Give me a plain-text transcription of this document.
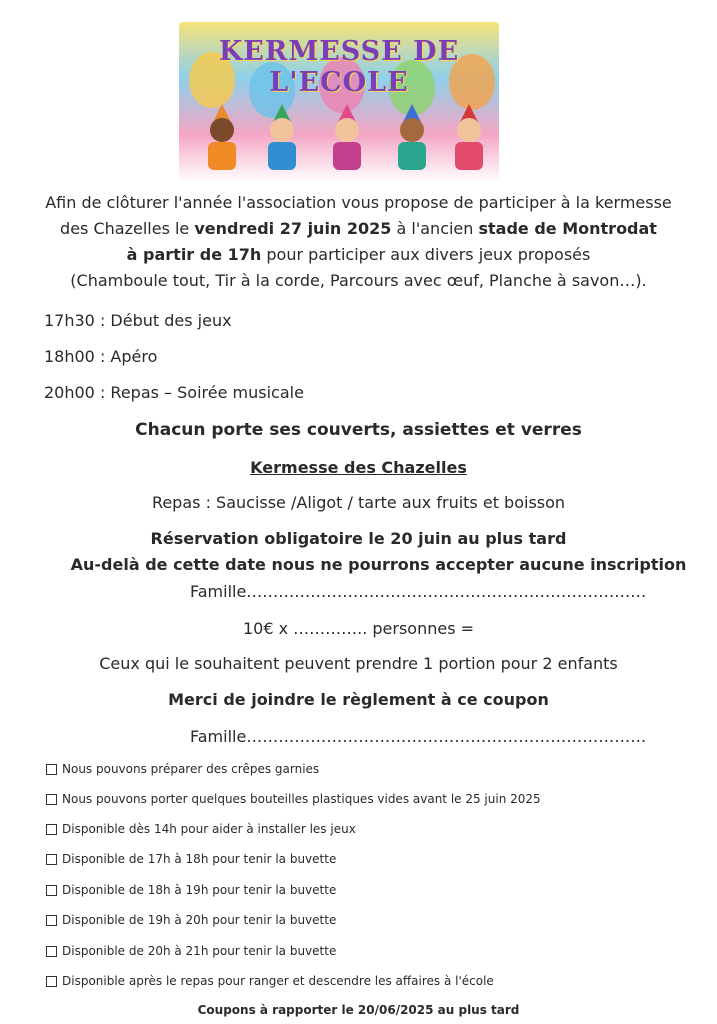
KERMESSE DE L'ECOLE

Afin de clôturer l'année l'association vous propose de participer à la kermesse

des Chazelles le vendredi 27 juin 2025 à l'ancien stade de Montrodat

à partir de 17h pour participer aux divers jeux proposés

(Chamboule tout, Tir à la corde, Parcours avec œuf, Planche à savon…).

17h30 : Début des jeux

18h00 : Apéro

20h00 : Repas – Soirée musicale

Chacun porte ses couverts, assiettes et verres

Kermesse des Chazelles

Repas : Saucisse /Aligot / tarte aux fruits et boisson

Réservation obligatoire le 20 juin au plus tard

Au-delà de cette date nous ne pourrons accepter aucune inscription

Famille…………………………………………………………………

10€ x ………….. personnes =

Ceux qui le souhaitent peuvent prendre 1 portion pour 2 enfants

Merci de joindre le règlement à ce coupon

Famille…………………………………………………………………

Nous pouvons préparer des crêpes garnies
Nous pouvons porter quelques bouteilles plastiques vides avant le 25 juin 2025
Disponible dès 14h pour aider à installer les jeux
Disponible de 17h à 18h pour tenir la buvette
Disponible de 18h à 19h pour tenir la buvette
Disponible de 19h à 20h pour tenir la buvette
Disponible de 20h à 21h pour tenir la buvette
Disponible après le repas pour ranger et descendre les affaires à l'école
Coupons à rapporter le 20/06/2025 au plus tard
